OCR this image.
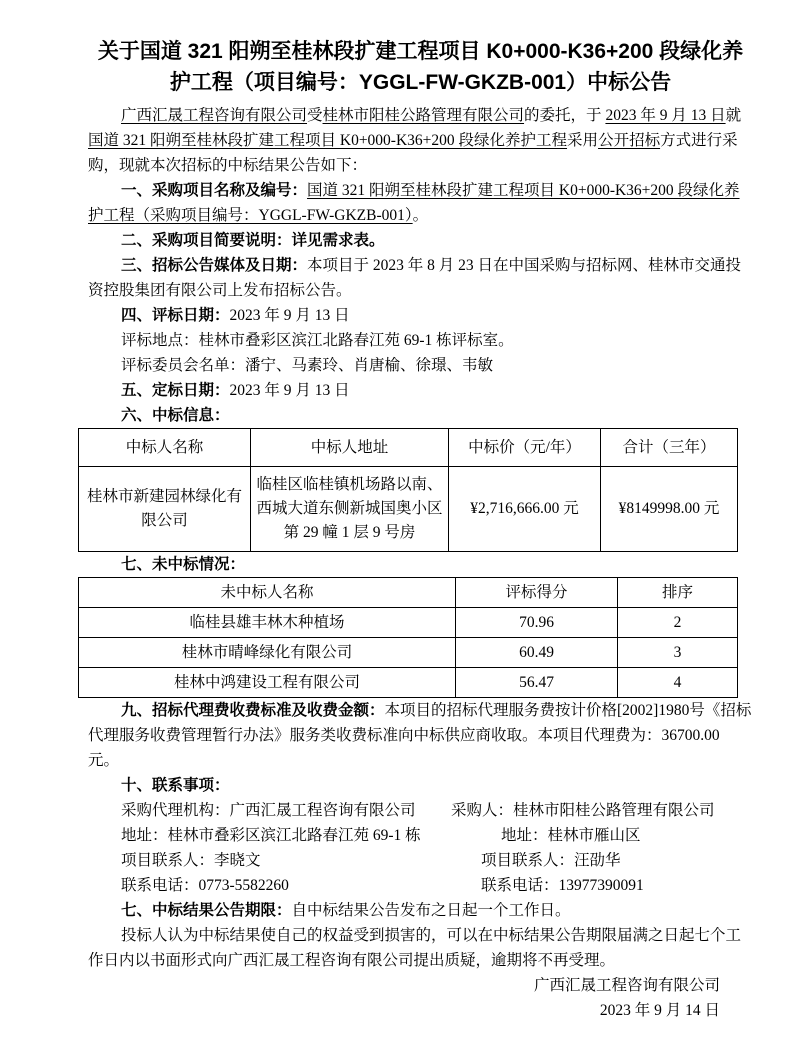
关于国道 321 阳朔至桂林段扩建工程项目 K0+000-K36+200 段绿化养护工程（项目编号：YGGL-FW-GKZB-001）中标公告

广西汇晟工程咨询有限公司受桂林市阳桂公路管理有限公司的委托，于 2023 年 9 月 13 日就国道 321 阳朔至桂林段扩建工程项目 K0+000-K36+200 段绿化养护工程采用公开招标方式进行采购，现就本次招标的中标结果公告如下：

一、采购项目名称及编号：国道 321 阳朔至桂林段扩建工程项目 K0+000-K36+200 段绿化养护工程（采购项目编号：YGGL-FW-GKZB-001）。

二、采购项目简要说明：详见需求表。

三、招标公告媒体及日期：本项目于 2023 年 8 月 23 日在中国采购与招标网、桂林市交通投资控股集团有限公司上发布招标公告。

四、评标日期：2023 年 9 月 13 日

评标地点：桂林市叠彩区滨江北路春江苑 69-1 栋评标室。

评标委员会名单：潘宁、马素玲、肖唐榆、徐璟、韦敏

五、定标日期：2023 年 9 月 13 日

六、中标信息：

中标人名称	中标人地址	中标价（元/年）	合计（三年）
桂林市新建园林绿化有限公司	临桂区临桂镇机场路以南、西城大道东侧新城国奥小区第 29 幢 1 层 9 号房	¥2,716,666.00 元	¥8149998.00 元

七、未中标情况：

未中标人名称	评标得分	排序
临桂县雄丰林木种植场	70.96	2
桂林市晴峰绿化有限公司	60.49	3
桂林中鸿建设工程有限公司	56.47	4

九、招标代理费收费标准及收费金额：本项目的招标代理服务费按计价格[2002]1980号《招标代理服务收费管理暂行办法》服务类收费标准向中标供应商收取。本项目代理费为：36700.00 元。

十、联系事项：

采购代理机构：广西汇晟工程咨询有限公司	采购人：桂林市阳桂公路管理有限公司

地址：桂林市叠彩区滨江北路春江苑 69-1 栋	地址：桂林市雁山区

项目联系人：李晓文	项目联系人：汪劭华

联系电话：0773-5582260	联系电话：13977390091

七、中标结果公告期限：自中标结果公告发布之日起一个工作日。

投标人认为中标结果使自己的权益受到损害的，可以在中标结果公告期限届满之日起七个工作日内以书面形式向广西汇晟工程咨询有限公司提出质疑，逾期将不再受理。

广西汇晟工程咨询有限公司

2023 年 9 月 14 日
